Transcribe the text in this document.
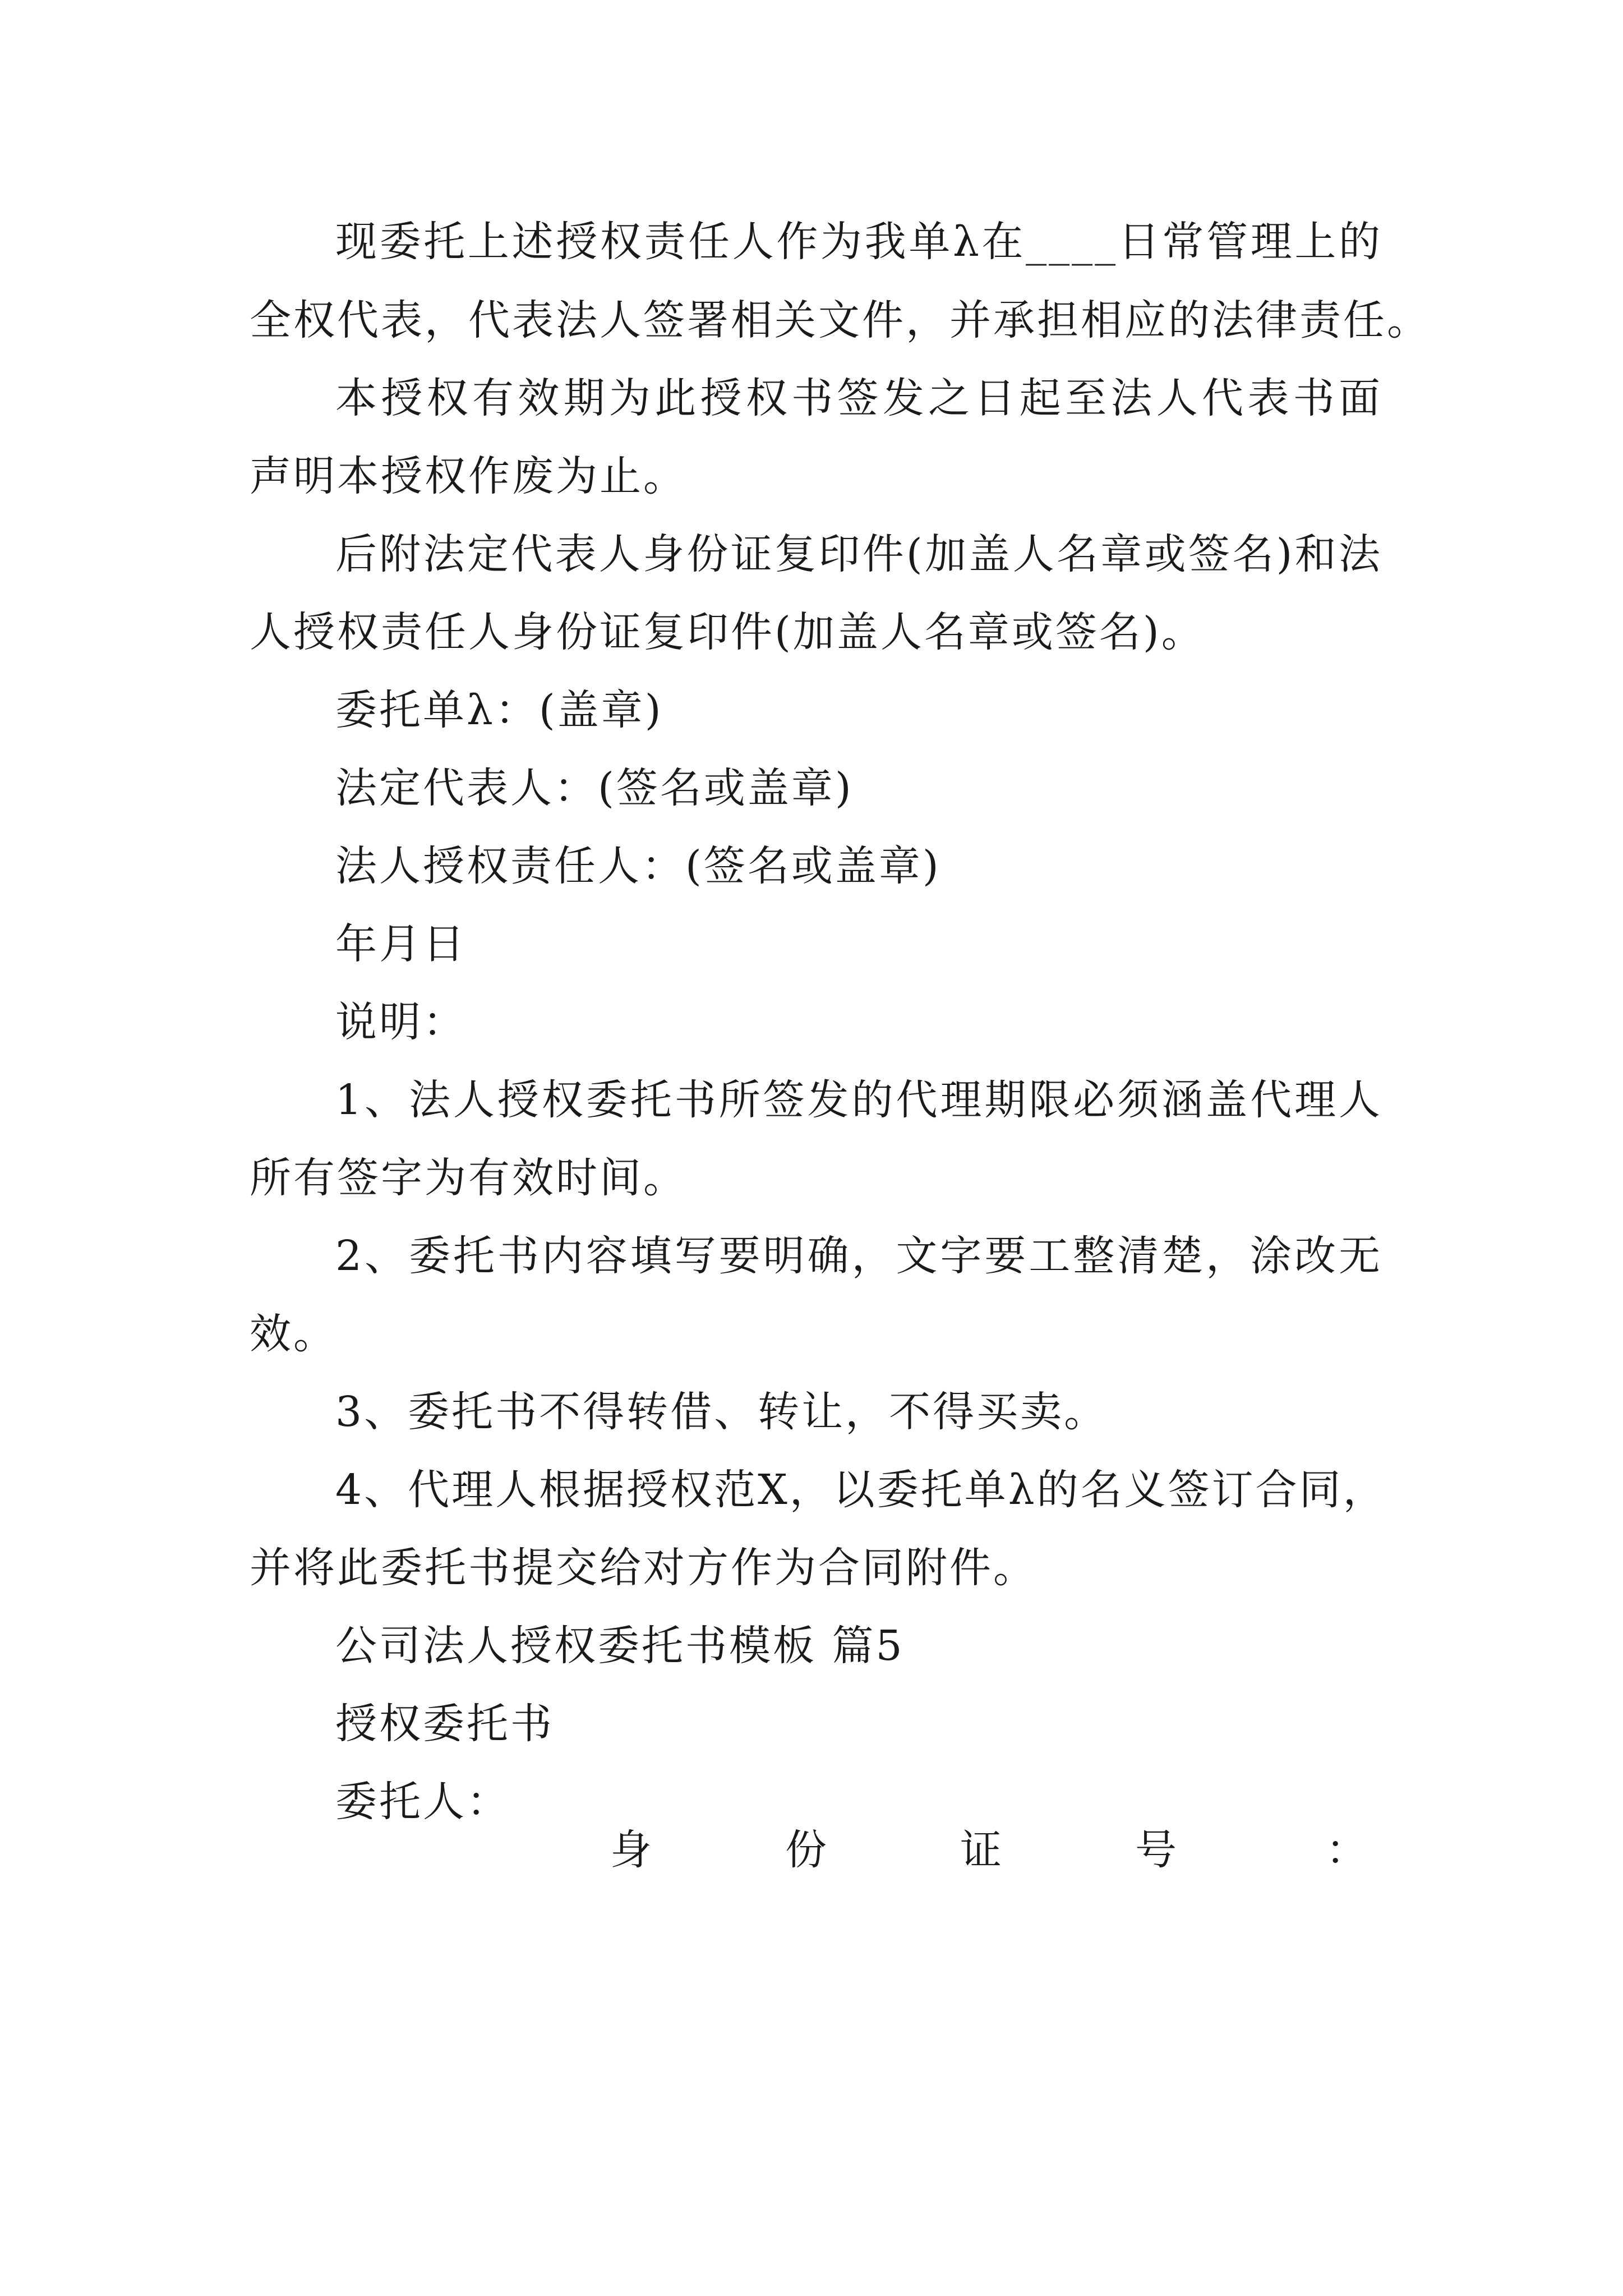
现委托上述授权责任人作为我单λ在____日常管理上的
全权代表，代表法人签署相关文件，并承担相应的法律责任。
本授权有效期为此授权书签发之日起至法人代表书面
声明本授权作废为止。
后附法定代表人身份证复印件(加盖人名章或签名)和法
人授权责任人身份证复印件(加盖人名章或签名)。
委托单λ：(盖章)
法定代表人：(签名或盖章)
法人授权责任人：(签名或盖章)
年月日
说明：
1、法人授权委托书所签发的代理期限必须涵盖代理人
所有签字为有效时间。
2、委托书内容填写要明确，文字要工整清楚，涂改无
效。
3、委托书不得转借、转让，不得买卖。
4、代理人根据授权范X，以委托单λ的名义签订合同，
并将此委托书提交给对方作为合同附件。
公司法人授权委托书模板 篇5
授权委托书
委托人：
身	份	证	号	：
